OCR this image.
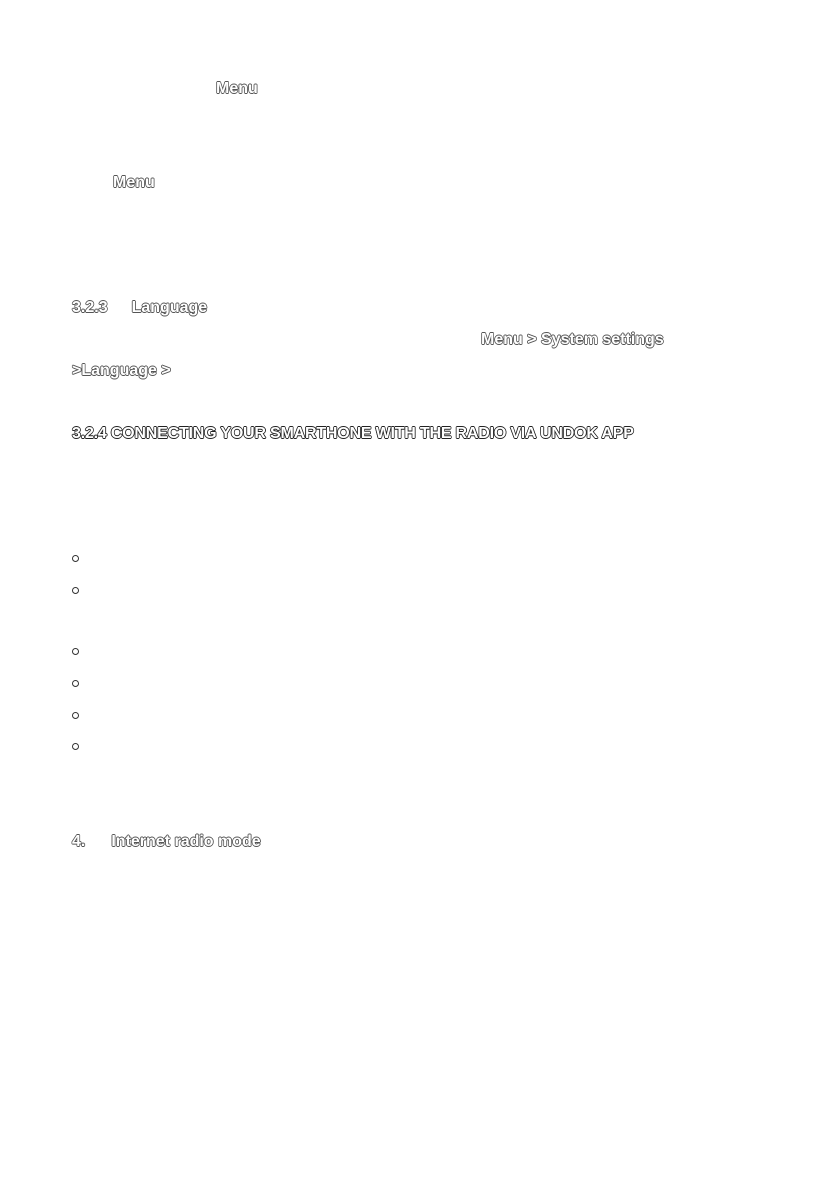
Menu
Menu
3.2.3 Language
Menu > System settings
>Language >
3.2.4 CONNECTING YOUR SMARTHONE WITH THE RADIO VIA UNDOK APP
4. Internet radio mode
